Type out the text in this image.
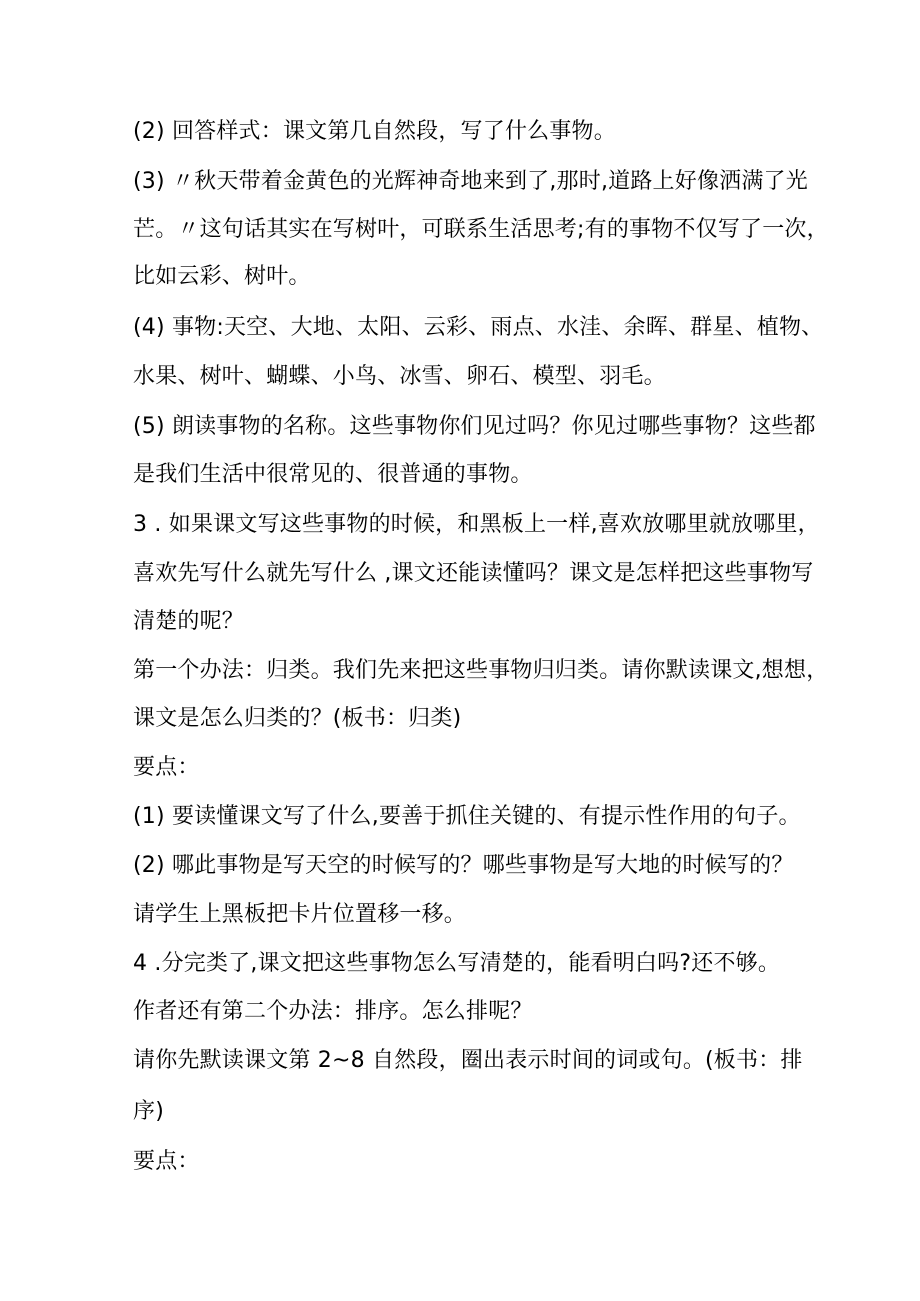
(2) 回答样式：课文第几自然段，写了什么事物。
(3) 〃秋天带着金黄色的光辉神奇地来到了,那时,道路上好像洒满了光
芒。〃这句话其实在写树叶，可联系生活思考;有的事物不仅写了一次，
比如云彩、树叶。
(4) 事物:天空、大地、太阳、云彩、雨点、水洼、余晖、群星、植物、
水果、树叶、蝴蝶、小鸟、冰雪、卵石、模型、羽毛。
(5) 朗读事物的名称。这些事物你们见过吗？你见过哪些事物？这些都
是我们生活中很常见的、很普通的事物。
3 . 如果课文写这些事物的时候，和黑板上一样,喜欢放哪里就放哪里，
喜欢先写什么就先写什么 ,课文还能读懂吗？课文是怎样把这些事物写
清楚的呢？
第一个办法：归类。我们先来把这些事物归归类。请你默读课文,想想，
课文是怎么归类的？(板书：归类)
要点：
(1) 要读懂课文写了什么,要善于抓住关键的、有提示性作用的句子。
(2) 哪此事物是写天空的时候写的？哪些事物是写大地的时候写的？
请学生上黑板把卡片位置移一移。
4 .分完类了,课文把这些事物怎么写清楚的，能看明白吗?还不够。
作者还有第二个办法：排序。怎么排呢？
请你先默读课文第 2~8 自然段，圈出表示时间的词或句。(板书：排
序)
要点：
